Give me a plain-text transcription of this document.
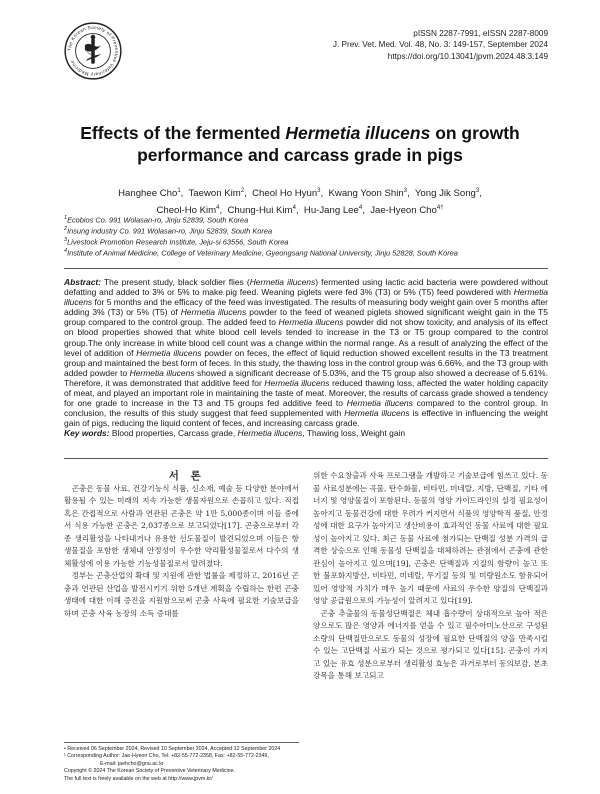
The Korean Society of Preventive Veterinary Medicine
pISSN 2287-7991, eISSN 2287-8009
J. Prev. Vet. Med. Vol. 48, No. 3: 149-157, September 2024
https://doi.org/10.13041/jpvm.2024.48.3.149
Effects of the fermented Hermetia illucens on growth
performance and carcass grade in pigs
Hanghee Cho$^1$,  Taewon Kim$^2$,  Cheol Ho Hyun$^3$,  Kwang Yoon Shin$^3$,  Yong Jik Song$^3$,
Cheol-Ho Kim$^4$,  Chung-Hui Kim$^4$,  Hu-Jang Lee$^4$,  Jae-Hyeon Cho$^{4\dagger}$
$^1$Ecobios Co. 991 Wolasan-ro, Jinju 52839, South Korea
$^2$Insung industry Co. 991 Wolasan-ro, Jinju 52839, South Korea
$^3$Livestock Promotion Research Institute, Jeju-si 63556, South Korea
$^4$Institute of Animal Medicine, College of Veterinary Medicine, Gyeongsang National University, Jinju 52828, South Korea
Abstract: The present study, black soldier flies (Hermetia illucens) fermented using lactic acid bacteria were powdered without defatting and added to 3% or 5% to make pig feed. Weaning piglets were fed 3% (T3) or 5% (T5) feed powdered with Hermetia illucens for 5 months and the efficacy of the feed was investigated. The results of measuring body weight gain over 5 months after adding 3% (T3) or 5% (T5) of Hermetia illucens powder to the feed of weaned piglets showed significant weight gain in the T5 group compared to the control group. The added feed to Hermetia illucens powder did not show toxicity, and analysis of its effect on blood properties showed that white blood cell levels tended to increase in the T3 or T5 group compared to the control group.The only increase in white blood cell count was a change within the normal range. As a result of analyzing the effect of the level of addition of Hermetia illucens powder on feces, the effect of liquid reduction showed excellent results in the T3 treatment group and maintained the best form of feces. In this study, the thawing loss in the control group was 6.66%, and the T3 group with added powder to Hermetia illucens showed a significant decrease of 5.03%, and the T5 group also showed a decrease of 5.61%. Therefore, it was demonstrated that additive feed for Hermetia illucens reduced thawing loss, affected the water holding capacity of meat, and played an important role in maintaining the taste of meat. Moreover, the results of carcass grade showed a tendency for one grade to increase in the T3 and T5 groups fed additive feed to Hermetia illucens compared to the control group. In conclusion, the results of this study suggest that feed supplemented with Hermetia illucens is effective in influencing the weight gain of pigs, reducing the liquid content of feces, and increasing carcass grade.
Key words: Blood properties, Carcass grade, Hermetia illucens, Thawing loss, Weight gain

서 론

곤충은 동물 사료, 건강기능식 식품, 신소재, 예술 등 다양한 분야에서 활용될 수 있는 미래의 지속 가능한 생물자원으로 손꼽히고 있다. 직접 혹은 간접적으로 사람과 연관된 곤충은 약 1만 5,000종이며 이들 중에서 식용 가능한 곤충은 2,037종으로 보고되었다[17]. 곤충으로부터 각종 생리활성을 나타내거나 유용한 선도물질이 발견되었으며 이들은 항생물질을 포함한 생체내 안정성이 우수한 약리활성물질로서 다수의 생체활성에 이용 가능한 기능성물질로서 알려졌다.

정부는 곤충산업의 확대 및 지원에 관한 법률을 제정하고, 2016년 곤충과 연관된 산업을 발전시키기 위한 5개년 계획을 수립하는 한편 곤충 생태에 대한 이해 증진을 지원함으로써 곤충 사육에 필요한 기술보급을 하며 곤충 사육 농장의 소득 증대를

위한 수요창출과 사육 프로그램을 개발하고 기술보급에 힘쓰고 있다. 동물 사료성분에는 곡물, 탄수화물, 비타민, 미네랄, 지방, 단백질, 기타 에너지 및 영양물질이 포함된다. 동물의 영양 가이드라인의 설정 필요성이 높아지고 동물건강에 대한 우려가 커지면서 식품의 영양학적 품질, 안정성에 대한 요구가 높아지고 생산비용이 효과적인 동물 사료에 대한 필요성이 높아지고 있다. 최근 동물 사료에 첨가되는 단백질 성분 가격의 급격한 상승으로 인해 동물성 단백질을 대체하려는 관점에서 곤충에 관한 관심이 높아지고 있으며[19], 곤충은 단백질과 지질의 함량이 높고 또한 불포화지방산, 비타민, 미네랄, 무기질 등의 및 미량원소도 함유되어 있어 영양적 가치가 매우 높기 때문에 사료의 우수한 양질의 단백질과 영양 공급원으로의 가능성이 알려지고 있다[19].

곤충 추출물의 동물성단백질은 체내 흡수량이 상대적으로 높아 적은 양으로도 많은 영양과 에너지를 얻을 수 있고 필수아미노산으로 구성된 소량의 단백질만으로도 동물의 성장에 필요한 단백질의 양을 만족시킬 수 있는 고단백질 사료가 되는 것으로 평가되고 있다[15]. 곤충이 가지고 있는 유효 성분으로부터 생리활성 효능은 과거로부터 동의보감, 본초강목을 통해 보고되고

• Received 06 September 2024, Revised 10 September 2024, Accepted 12 September 2024
¹ Corresponding Author: Jae-Hyeon Cho, Tel: +82-55-772-2358, Fax: +82-55-772-2349,
E-mail: jaehcho@gnu.ac.kr
Copyright © 2024 The Korean Society of Preventive Veterinary Medicine.
The full text is freely available on the web at http://www.jpvm.kr/
